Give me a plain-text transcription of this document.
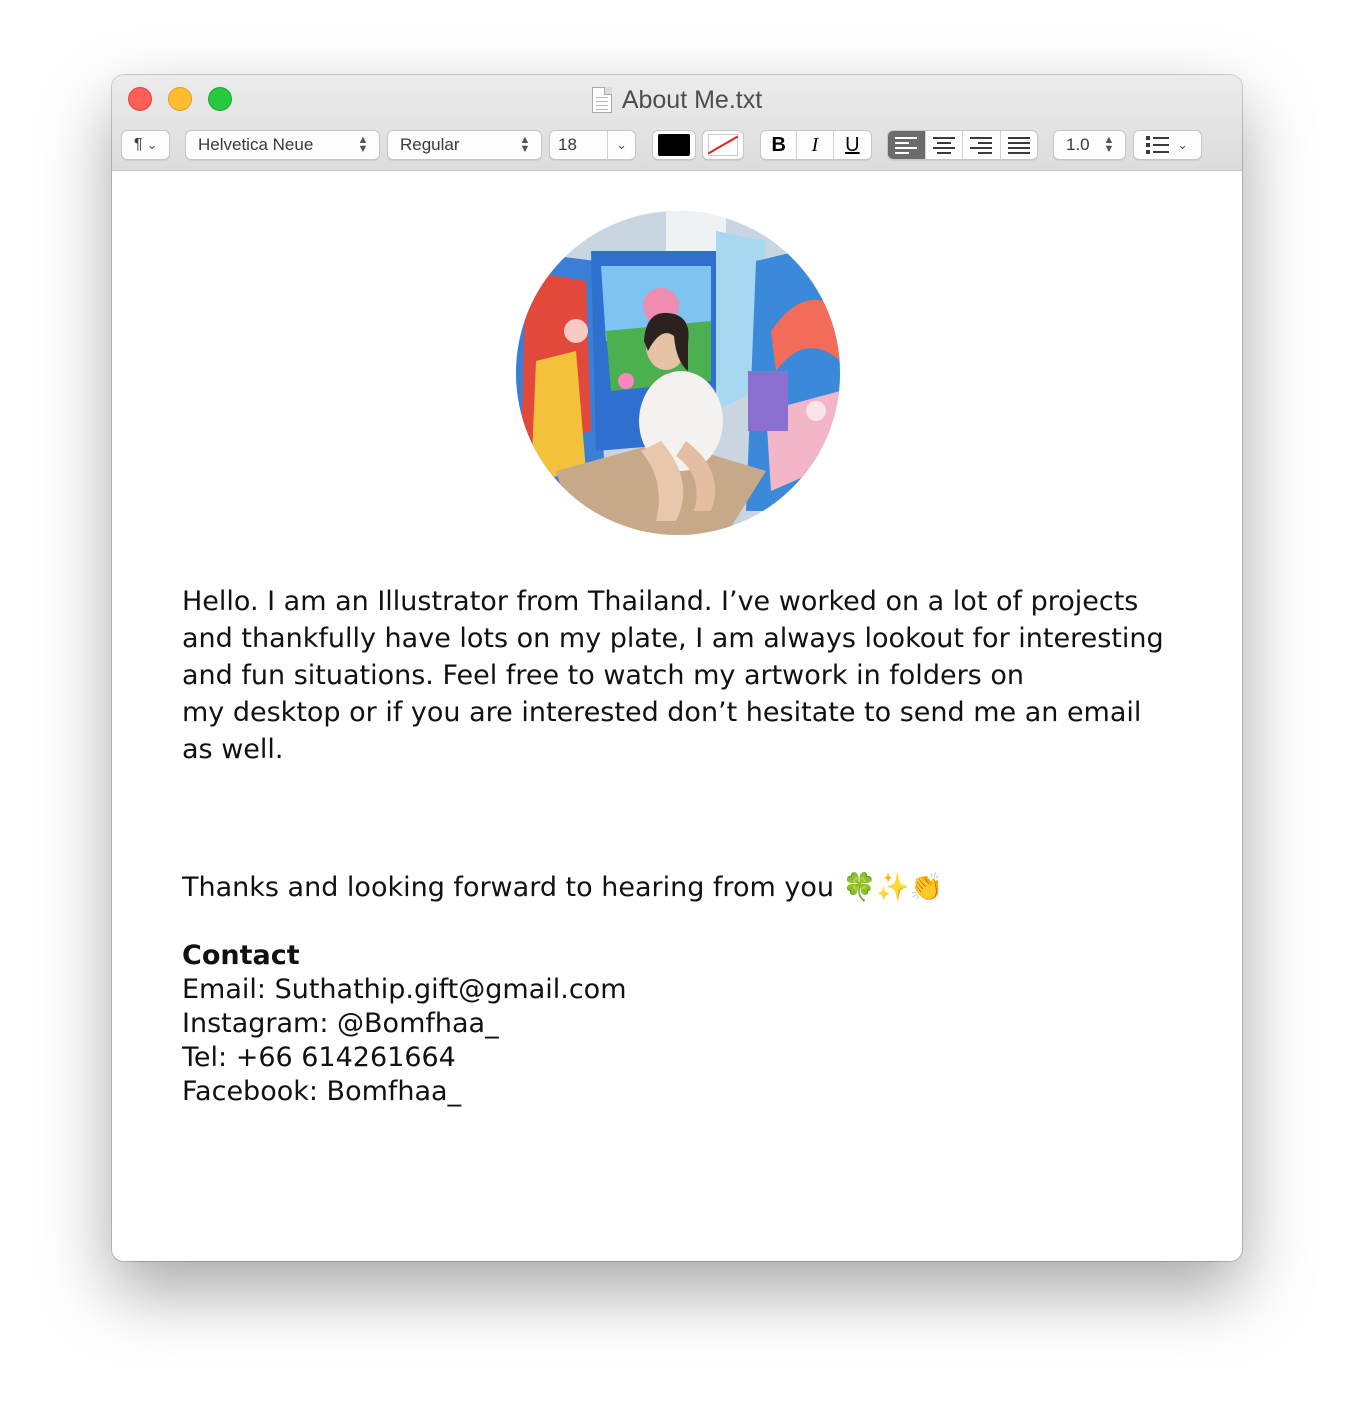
About Me.txt
¶ ⌄	Helvetica Neue	▲
▼	Regular	▲
▼	18	⌄	B	I	U	1.0	▲
▼	⌄
Hello. I am an Illustrator from Thailand. I’ve worked on a lot of projects
and thankfully have lots on my plate, I am always lookout for interesting
and fun situations. Feel free to watch my artwork in folders on
my desktop or if you are interested don’t hesitate to send me an email
as well.
Thanks and looking forward to hearing from you 🍀✨👏
Contact
Email: Suthathip.gift@gmail.com
Instagram: @Bomfhaa_
Tel: +66 614261664
Facebook: Bomfhaa_
